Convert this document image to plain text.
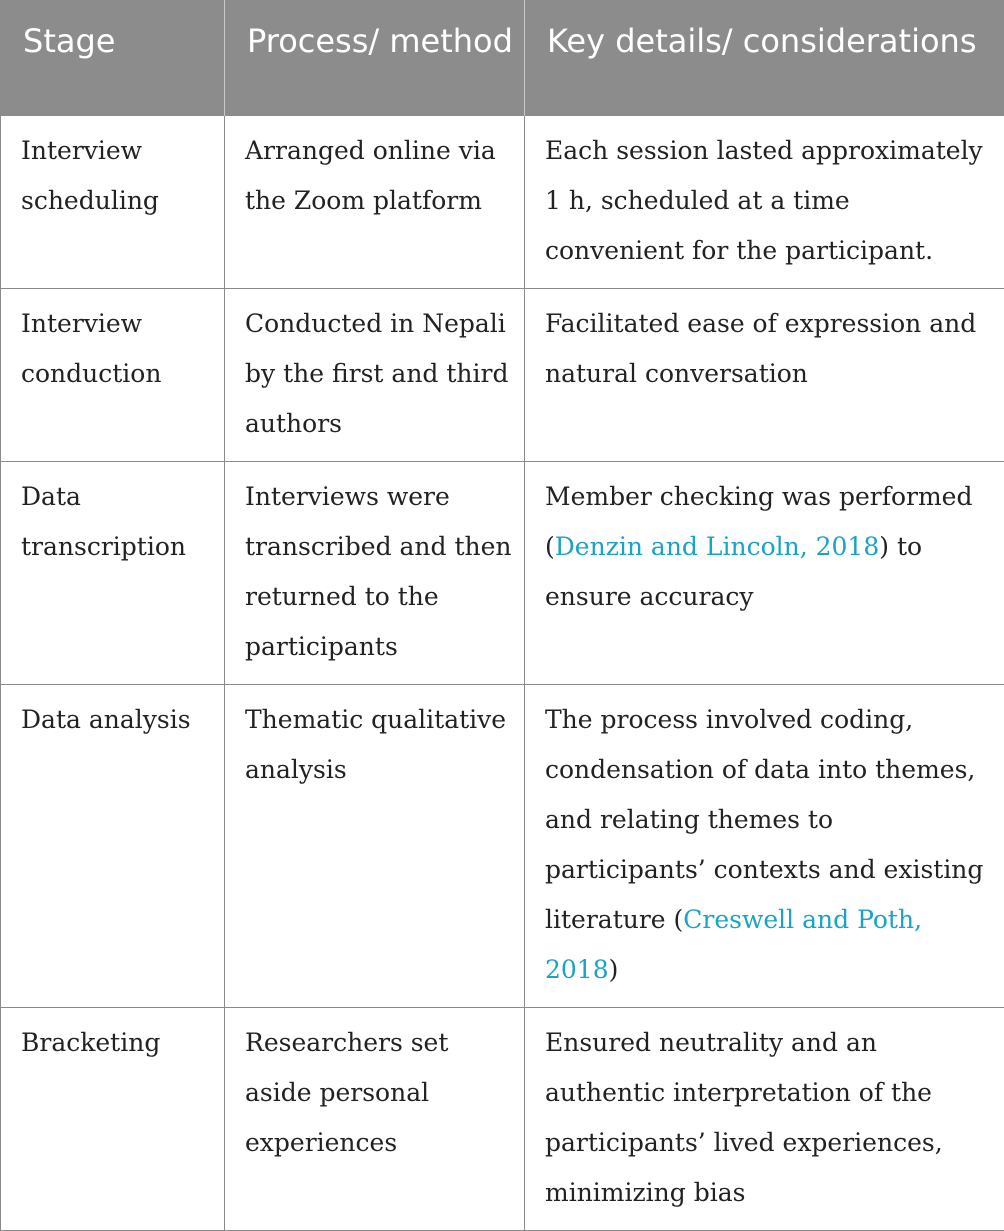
Stage	Process/ method	Key details/ considerations
Interview scheduling	Arranged online via the Zoom platform	Each session lasted approximately 1 h, scheduled at a time convenient for the participant.
Interview conduction	Conducted in Nepali by the first and third authors	Facilitated ease of expression and natural conversation
Data transcription	Interviews were transcribed and then returned to the participants	Member checking was performed (Denzin and Lincoln, 2018) to ensure accuracy
Data analysis	Thematic qualitative analysis	The process involved coding, condensation of data into themes, and relating themes to participants’ contexts and existing literature (Creswell and Poth, 2018)
Bracketing	Researchers set aside personal experiences	Ensured neutrality and an authentic interpretation of the participants’ lived experiences, minimizing bias
